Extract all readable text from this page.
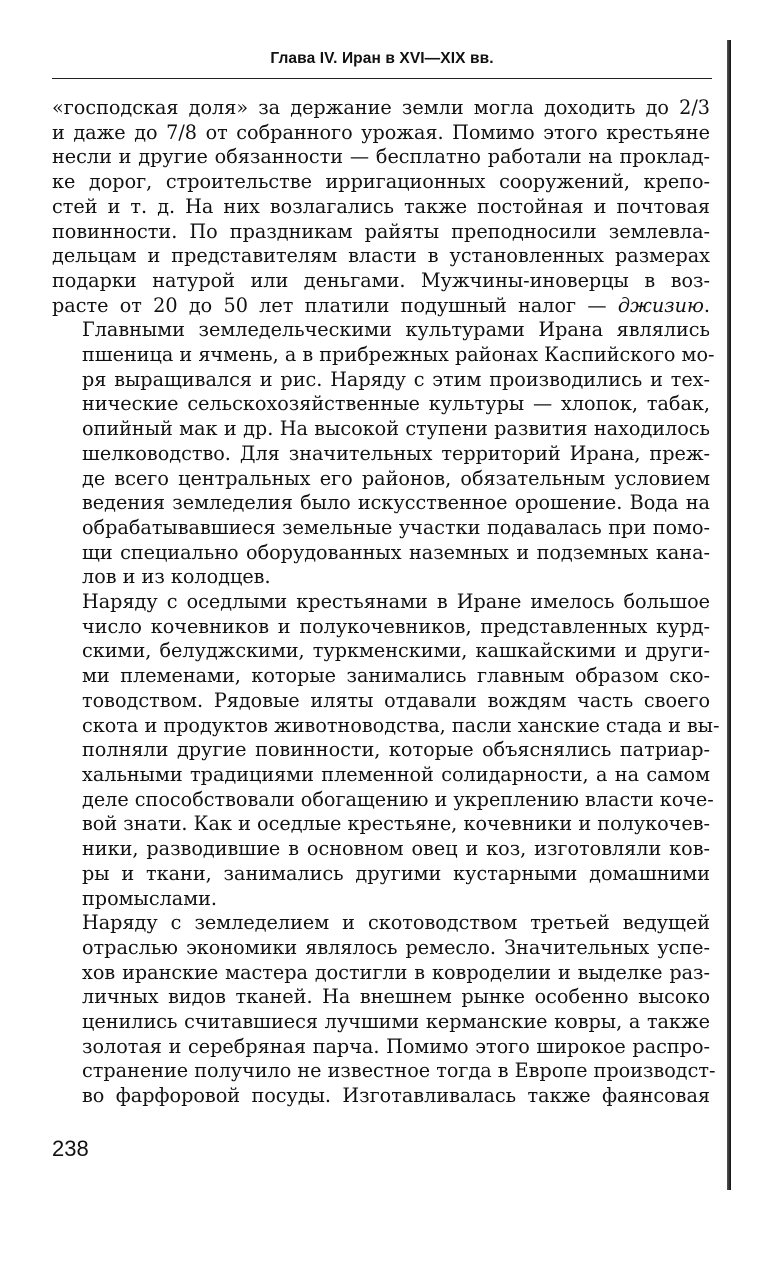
Глава IV. Иран в XVI—XIX вв.

«господская доля» за держание земли могла доходить до 2/3
и даже до 7/8 от собранного урожая. Помимо этого крестьяне
несли и другие обязанности — бесплатно работали на проклад-
ке дорог, строительстве ирригационных сооружений, крепо-
стей и т. д. На них возлагались также постойная и почтовая
повинности. По праздникам райяты преподносили землевла-
дельцам и представителям власти в установленных размерах
подарки натурой или деньгами. Мужчины-иноверцы в воз-
расте от 20 до 50 лет платили подушный налог — джизию.

Главными земледельческими культурами Ирана являлись
пшеница и ячмень, а в прибрежных районах Каспийского мо-
ря выращивался и рис. Наряду с этим производились и тех-
нические сельскохозяйственные культуры — хлопок, табак,
опийный мак и др. На высокой ступени развития находилось
шелководство. Для значительных территорий Ирана, преж-
де всего центральных его районов, обязательным условием
ведения земледелия было искусственное орошение. Вода на
обрабатывавшиеся земельные участки подавалась при помо-
щи специально оборудованных наземных и подземных кана-
лов и из колодцев.

Наряду с оседлыми крестьянами в Иране имелось большое
число кочевников и полукочевников, представленных курд-
скими, белуджскими, туркменскими, кашкайскими и други-
ми племенами, которые занимались главным образом ско-
товодством. Рядовые иляты отдавали вождям часть своего
скота и продуктов животноводства, пасли ханские стада и вы-
полняли другие повинности, которые объяснялись патриар-
хальными традициями племенной солидарности, а на самом
деле способствовали обогащению и укреплению власти коче-
вой знати. Как и оседлые крестьяне, кочевники и полукочев-
ники, разводившие в основном овец и коз, изготовляли ков-
ры и ткани, занимались другими кустарными домашними
промыслами.

Наряду с земледелием и скотоводством третьей ведущей
отраслью экономики являлось ремесло. Значительных успе-
хов иранские мастера достигли в ковроделии и выделке раз-
личных видов тканей. На внешнем рынке особенно высоко
ценились считавшиеся лучшими керманские ковры, а также
золотая и серебряная парча. Помимо этого широкое распро-
странение получило не известное тогда в Европе производст-
во фарфоровой посуды. Изготавливалась также фаянсовая

238
